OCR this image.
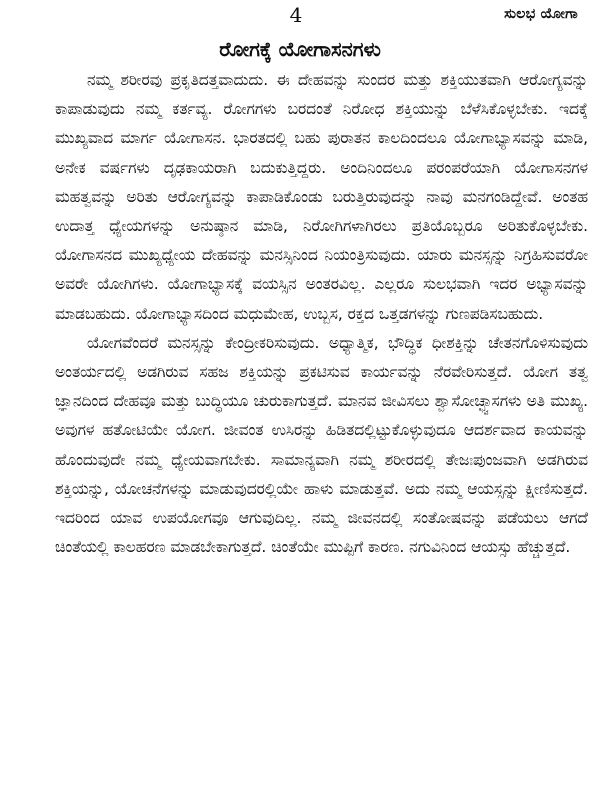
4	ಸುಲಭ ಯೋಗಾ
ರೋಗಕ್ಕೆ ಯೋಗಾಸನಗಳು

ನಮ್ಮ ಶರೀರವು ಪ್ರಕೃತಿದತ್ತವಾದುದು. ಈ ದೇಹವನ್ನು ಸುಂದರ ಮತ್ತು ಶಕ್ತಿಯುತವಾಗಿ ಆರೋಗ್ಯವನ್ನು ಕಾಪಾಡುವುದು ನಮ್ಮ ಕರ್ತವ್ಯ. ರೋಗಗಳು ಬರದಂತೆ ನಿರೋಧ ಶಕ್ತಿಯುನ್ನು ಬೆಳೆಸಿಕೊಳ್ಳಬೇಕು. ಇದಕ್ಕೆ ಮುಖ್ಯವಾದ ಮಾರ್ಗ ಯೋಗಾಸನ. ಭಾರತದಲ್ಲಿ ಬಹು ಪುರಾತನ ಕಾಲದಿಂದಲೂ ಯೋಗಾಭ್ಯಾಸವನ್ನು ಮಾಡಿ, ಅನೇಕ ವರ್ಷಗಳು ದೃಢಕಾಯರಾಗಿ ಬದುಕುತ್ತಿದ್ದರು. ಅಂದಿನಿಂದಲೂ ಪರಂಪರೆಯಾಗಿ ಯೋಗಾಸನಗಳ ಮಹತ್ವವನ್ನು ಅರಿತು ಆರೋಗ್ಯವನ್ನು ಕಾಪಾಡಿಕೊಂಡು ಬರುತ್ತಿರುವುದನ್ನು ನಾವು ಮನಗಂಡಿದ್ದೇವೆ. ಅಂತಹ ಉದಾತ್ತ ಧ್ಯೇಯಗಳನ್ನು ಅನುಷ್ಠಾನ ಮಾಡಿ, ನಿರೋಗಿಗಳಾಗಿರಲು ಪ್ರತಿಯೊಬ್ಬರೂ ಅರಿತುಕೊಳ್ಳಬೇಕು. ಯೋಗಾಸನದ ಮುಖ್ಯಧ್ಯೇಯ ದೇಹವನ್ನು ಮನಸ್ಸಿನಿಂದ ನಿಯಂತ್ರಿಸುವುದು. ಯಾರು ಮನಸ್ಸನ್ನು ನಿಗ್ರಹಿಸುವರೋ ಅವರೇ ಯೋಗಿಗಳು. ಯೋಗಾಭ್ಯಾಸಕ್ಕೆ ವಯಸ್ಸಿನ ಅಂತರವಿಲ್ಲ. ಎಲ್ಲರೂ ಸುಲಭವಾಗಿ ಇದರ ಅಭ್ಯಾಸವನ್ನು ಮಾಡಬಹುದು. ಯೋಗಾಭ್ಯಾಸದಿಂದ ಮಧುಮೇಹ, ಉಬ್ಬಸ, ರಕ್ತದ ಒತ್ತಡಗಳನ್ನು ಗುಣಪಡಿಸಬಹುದು.

ಯೋಗವೆಂದರೆ ಮನಸ್ಸನ್ನು ಕೇಂದ್ರೀಕರಿಸುವುದು. ಅಧ್ಯಾತ್ಮಿಕ, ಭೌದ್ಧಿಕ ಧೀಶಕ್ತಿನ್ನು ಚೇತನಗೊಳಿಸುವುದು ಅಂತರ್ಯದಲ್ಲಿ ಅಡಗಿರುವ ಸಹಜ ಶಕ್ತಿಯನ್ನು ಪ್ರಕಟಿಸುವ ಕಾರ್ಯವನ್ನು ನೆರವೇರಿಸುತ್ತದೆ. ಯೋಗ ತತ್ವ ಜ್ಞಾನದಿಂದ ದೇಹವೂ ಮತ್ತು ಬುದ್ಧಿಯೂ ಚುರುಕಾಗುತ್ತದೆ. ಮಾನವ ಜೀವಿಸಲು ಶ್ವಾಸೋಚ್ಛ್ವಾಸಗಳು ಅತಿ ಮುಖ್ಯ. ಅವುಗಳ ಹತೋಟಿಯೇ ಯೋಗ. ಜೀವಂತ ಉಸಿರನ್ನು ಹಿಡಿತದಲ್ಲಿಟ್ಟುಕೊಳ್ಳುವುದೂ ಆದರ್ಶವಾದ ಕಾಯವನ್ನು ಹೊಂದುವುದೇ ನಮ್ಮ ಧ್ಯೇಯವಾಗಬೇಕು. ಸಾಮಾನ್ಯವಾಗಿ ನಮ್ಮ ಶರೀರದಲ್ಲಿ ತೇಜಃಪುಂಜವಾಗಿ ಅಡಗಿರುವ ಶಕ್ತಿಯನ್ನು, ಯೋಚನೆಗಳನ್ನು ಮಾಡುವುದರಲ್ಲಿಯೇ ಹಾಳು ಮಾಡುತ್ತವೆ. ಅದು ನಮ್ಮ ಆಯಸ್ಸನ್ನು ಕ್ಷೀಣಿಸುತ್ತದೆ. ಇದರಿಂದ ಯಾವ ಉಪಯೋಗವೂ ಆಗುವುದಿಲ್ಲ. ನಮ್ಮ ಜೀವನದಲ್ಲಿ ಸಂತೋಷವನ್ನು ಪಡೆಯಲು ಆಗದೆ ಚಿಂತೆಯಲ್ಲಿ ಕಾಲಹರಣ ಮಾಡಬೇಕಾಗುತ್ತದೆ. ಚಿಂತೆಯೇ ಮುಪ್ಪಿಗೆ ಕಾರಣ. ನಗುವಿನಿಂದ ಆಯಸ್ಸು ಹೆಚ್ಚುತ್ತದೆ.
